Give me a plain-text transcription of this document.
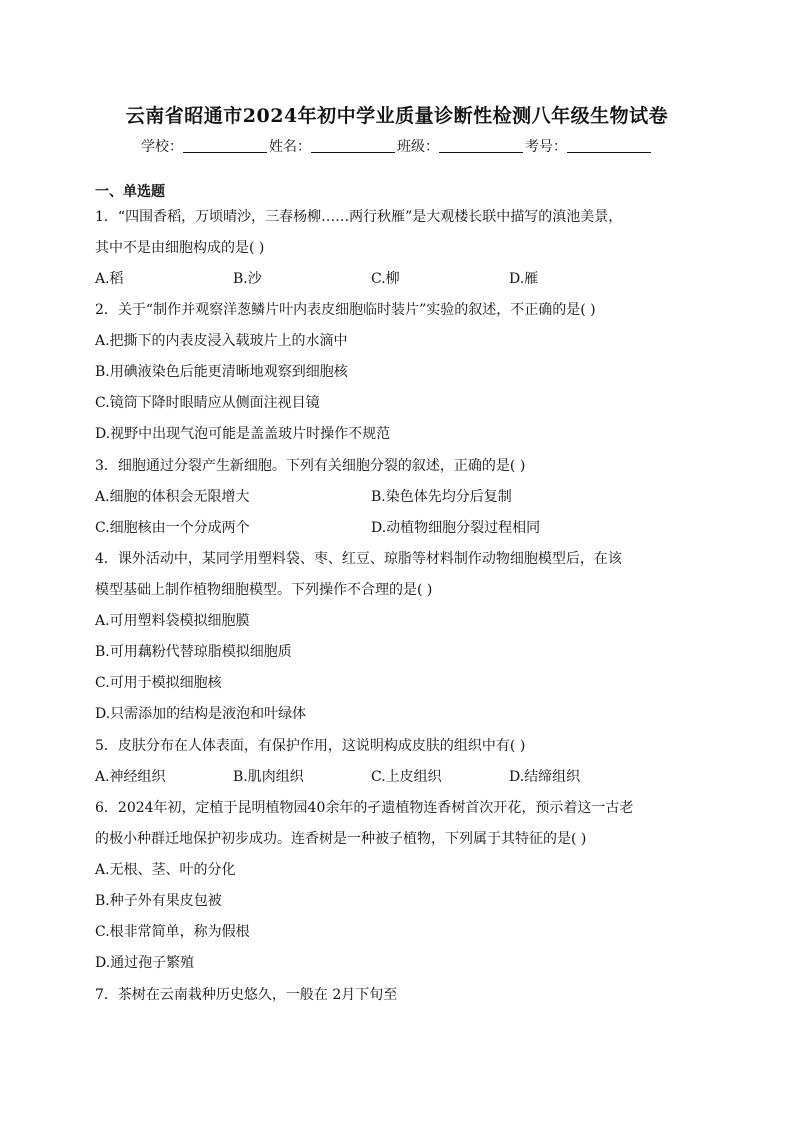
云南省昭通市2024年初中学业质量诊断性检测八年级生物试卷
学校：	姓名：	班级：	考号：
一、单选题
1．“四围香稻，万顷晴沙，三春杨柳……两行秋雁”是大观楼长联中描写的滇池美景，
其中不是由细胞构成的是( )
A.稻	B.沙	C.柳	D.雁
2．关于“制作并观察洋葱鳞片叶内表皮细胞临时装片”实验的叙述，不正确的是( )
A.把撕下的内表皮浸入载玻片上的水滴中
B.用碘液染色后能更清晰地观察到细胞核
C.镜筒下降时眼睛应从侧面注视目镜
D.视野中出现气泡可能是盖盖玻片时操作不规范
3．细胞通过分裂产生新细胞。下列有关细胞分裂的叙述，正确的是( )
A.细胞的体积会无限增大	B.染色体先均分后复制
C.细胞核由一个分成两个	D.动植物细胞分裂过程相同
4．课外活动中，某同学用塑料袋、枣、红豆、琼脂等材料制作动物细胞模型后，在该
模型基础上制作植物细胞模型。下列操作不合理的是( )
A.可用塑料袋模拟细胞膜
B.可用藕粉代替琼脂模拟细胞质
C.可用于模拟细胞核
D.只需添加的结构是液泡和叶绿体
5．皮肤分布在人体表面，有保护作用，这说明构成皮肤的组织中有( )
A.神经组织	B.肌肉组织	C.上皮组织	D.结缔组织
6．2024年初，定植于昆明植物园40余年的孑遗植物连香树首次开花，预示着这一古老
的极小种群迁地保护初步成功。连香树是一种被子植物，下列属于其特征的是( )
A.无根、茎、叶的分化
B.种子外有果皮包被
C.根非常简单，称为假根
D.通过孢子繁殖
7．茶树在云南栽种历史悠久，一般在 2月下旬至
